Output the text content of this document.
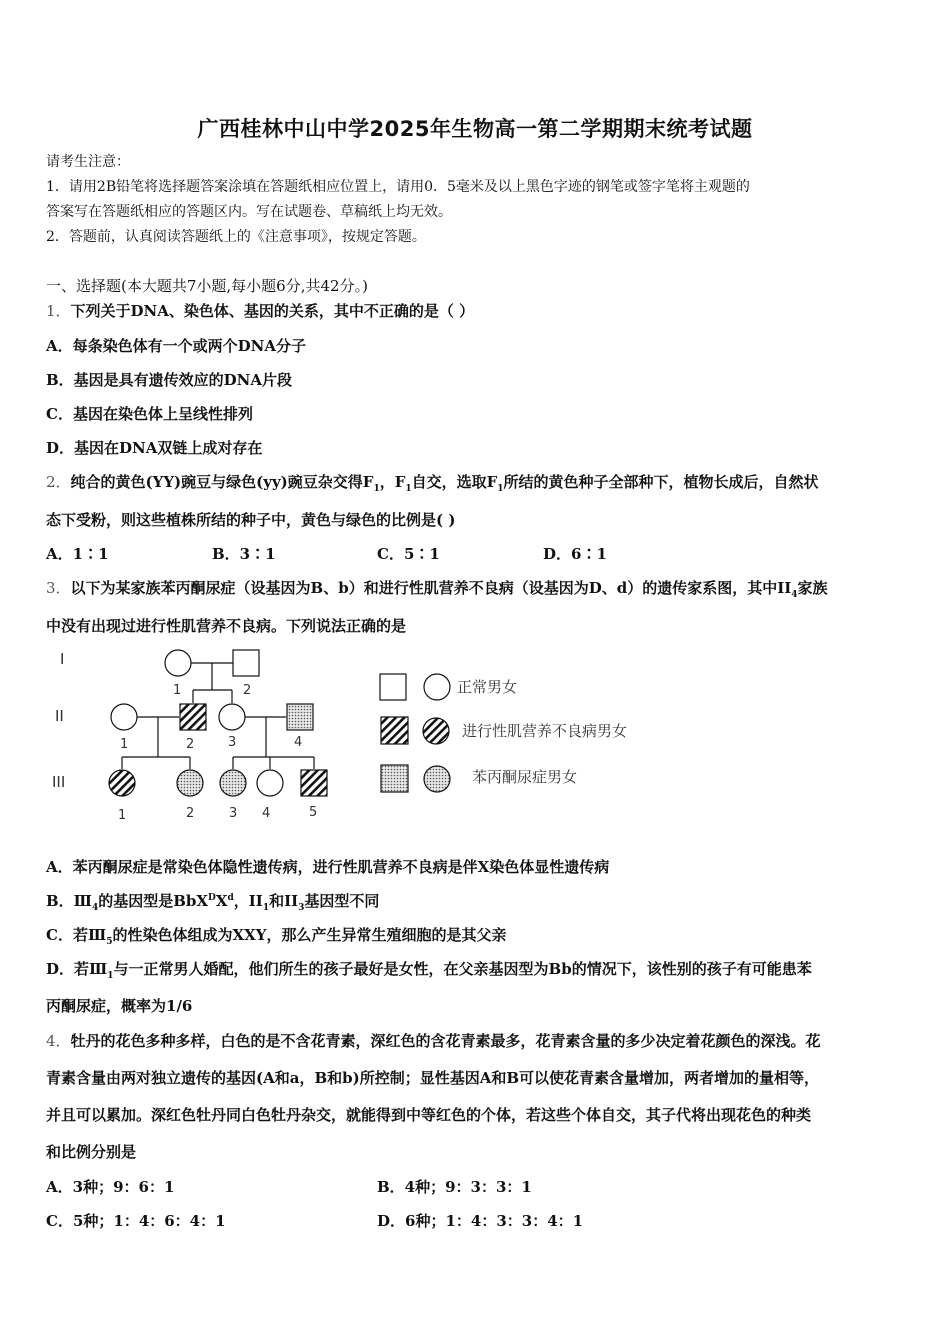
广西桂林中山中学2025年生物高一第二学期期末统考试题
请考生注意：
1．请用2B铅笔将选择题答案涂填在答题纸相应位置上，请用0．5毫米及以上黑色字迹的钢笔或签字笔将主观题的
答案写在答题纸相应的答题区内。写在试题卷、草稿纸上均无效。
2．答题前，认真阅读答题纸上的《注意事项》，按规定答题。
一、选择题(本大题共7小题,每小题6分,共42分。)
1．下列关于DNA、染色体、基因的关系，其中不正确的是（ ）
A．每条染色体有一个或两个DNA分子
B．基因是具有遗传效应的DNA片段
C．基因在染色体上呈线性排列
D．基因在DNA双链上成对存在
2．纯合的黄色(YY)豌豆与绿色(yy)豌豆杂交得$F_1$，$F_1$自交，选取$F_1$所结的黄色种子全部种下，植物长成后，自然状
态下受粉，则这些植株所结的种子中，黄色与绿色的比例是( )
A．1∶1	B．3∶1	C．5∶1	D．6∶1
3．以下为某家族苯丙酮尿症（设基因为B、b）和进行性肌营养不良病（设基因为D、d）的遗传家系图，其中$II_4$家族
中没有出现过进行性肌营养不良病。下列说法正确的是
I
II
III
1	2
1	2	3	4
1	2	3 4	5
正常男女
进行性肌营养不良病男女
苯丙酮尿症男女
A．苯丙酮尿症是常染色体隐性遗传病，进行性肌营养不良病是伴X染色体显性遗传病
B．$Ⅲ_4$的基因型是$BbX^DX^d$，$II_1$和$II_3$基因型不同
C．若$Ⅲ_5$的性染色体组成为XXY，那么产生异常生殖细胞的是其父亲
D．若$Ⅲ_1$与一正常男人婚配，他们所生的孩子最好是女性，在父亲基因型为Bb的情况下，该性别的孩子有可能患苯
丙酮尿症，概率为1/6
4．牡丹的花色多种多样，白色的是不含花青素，深红色的含花青素最多，花青素含量的多少决定着花颜色的深浅。花
青素含量由两对独立遗传的基因(A和a，B和b)所控制；显性基因A和B可以使花青素含量增加，两者增加的量相等，
并且可以累加。深红色牡丹同白色牡丹杂交，就能得到中等红色的个体，若这些个体自交，其子代将出现花色的种类
和比例分别是
A．3种；9：6：1	B．4种；9：3：3：1
C．5种；1：4：6：4：1	D．6种；1：4：3：3：4：1
